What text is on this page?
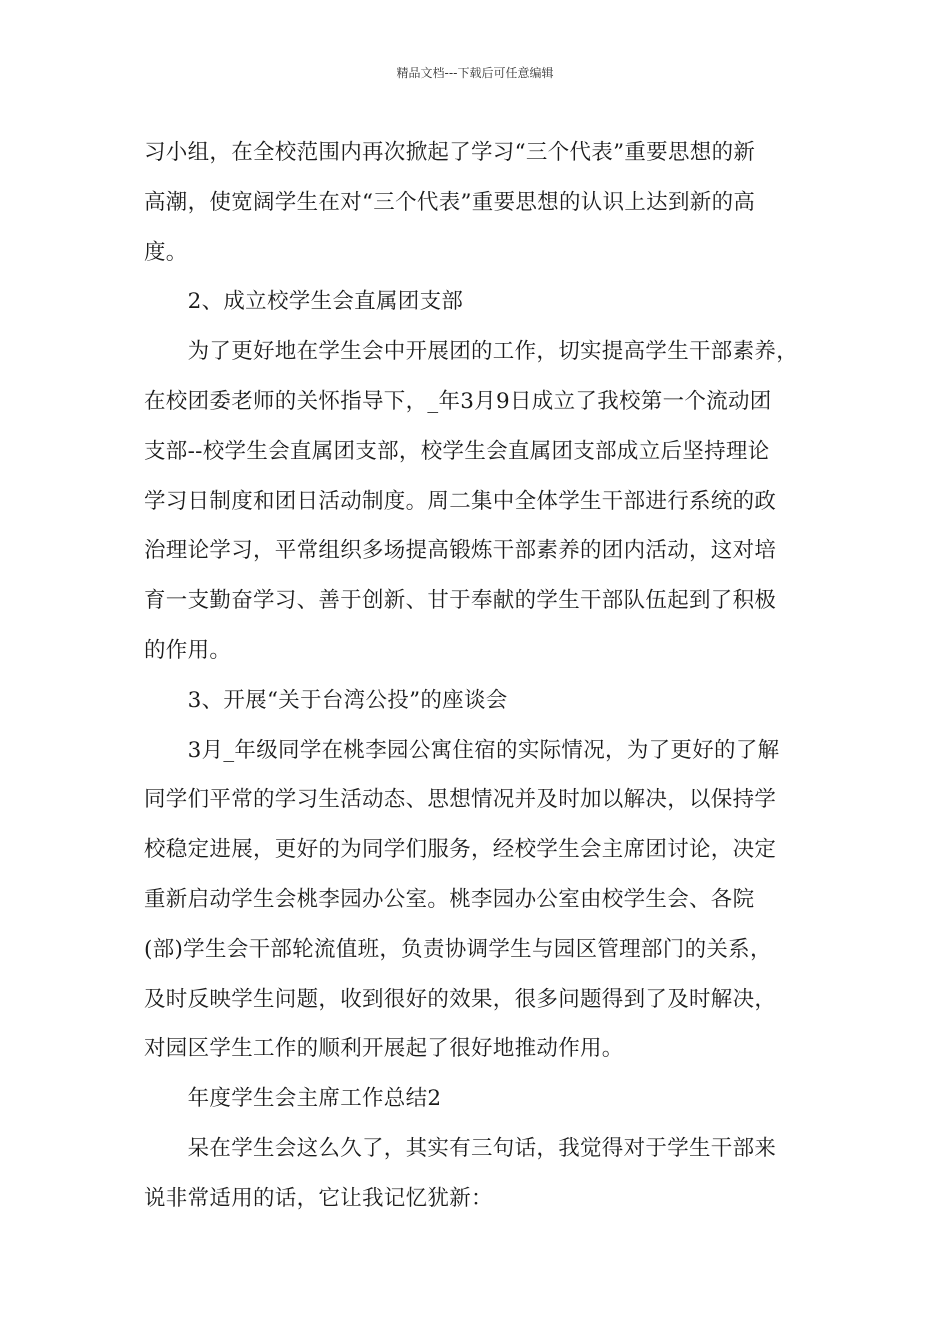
精品文档---下载后可任意编辑
习小组，在全校范围内再次掀起了学习“三个代表”重要思想的新
高潮，使宽阔学生在对“三个代表”重要思想的认识上达到新的高
度。
　　2、成立校学生会直属团支部
　　为了更好地在学生会中开展团的工作，切实提高学生干部素养，
在校团委老师的关怀指导下，_年3月9日成立了我校第一个流动团
支部--校学生会直属团支部，校学生会直属团支部成立后坚持理论
学习日制度和团日活动制度。周二集中全体学生干部进行系统的政
治理论学习，平常组织多场提高锻炼干部素养的团内活动，这对培
育一支勤奋学习、善于创新、甘于奉献的学生干部队伍起到了积极
的作用。
　　3、开展“关于台湾公投”的座谈会
　　3月_年级同学在桃李园公寓住宿的实际情况，为了更好的了解
同学们平常的学习生活动态、思想情况并及时加以解决，以保持学
校稳定进展，更好的为同学们服务，经校学生会主席团讨论，决定
重新启动学生会桃李园办公室。桃李园办公室由校学生会、各院
(部)学生会干部轮流值班，负责协调学生与园区管理部门的关系，
及时反映学生问题，收到很好的效果，很多问题得到了及时解决，
对园区学生工作的顺利开展起了很好地推动作用。
　　年度学生会主席工作总结2
　　呆在学生会这么久了，其实有三句话，我觉得对于学生干部来
说非常适用的话，它让我记忆犹新：
